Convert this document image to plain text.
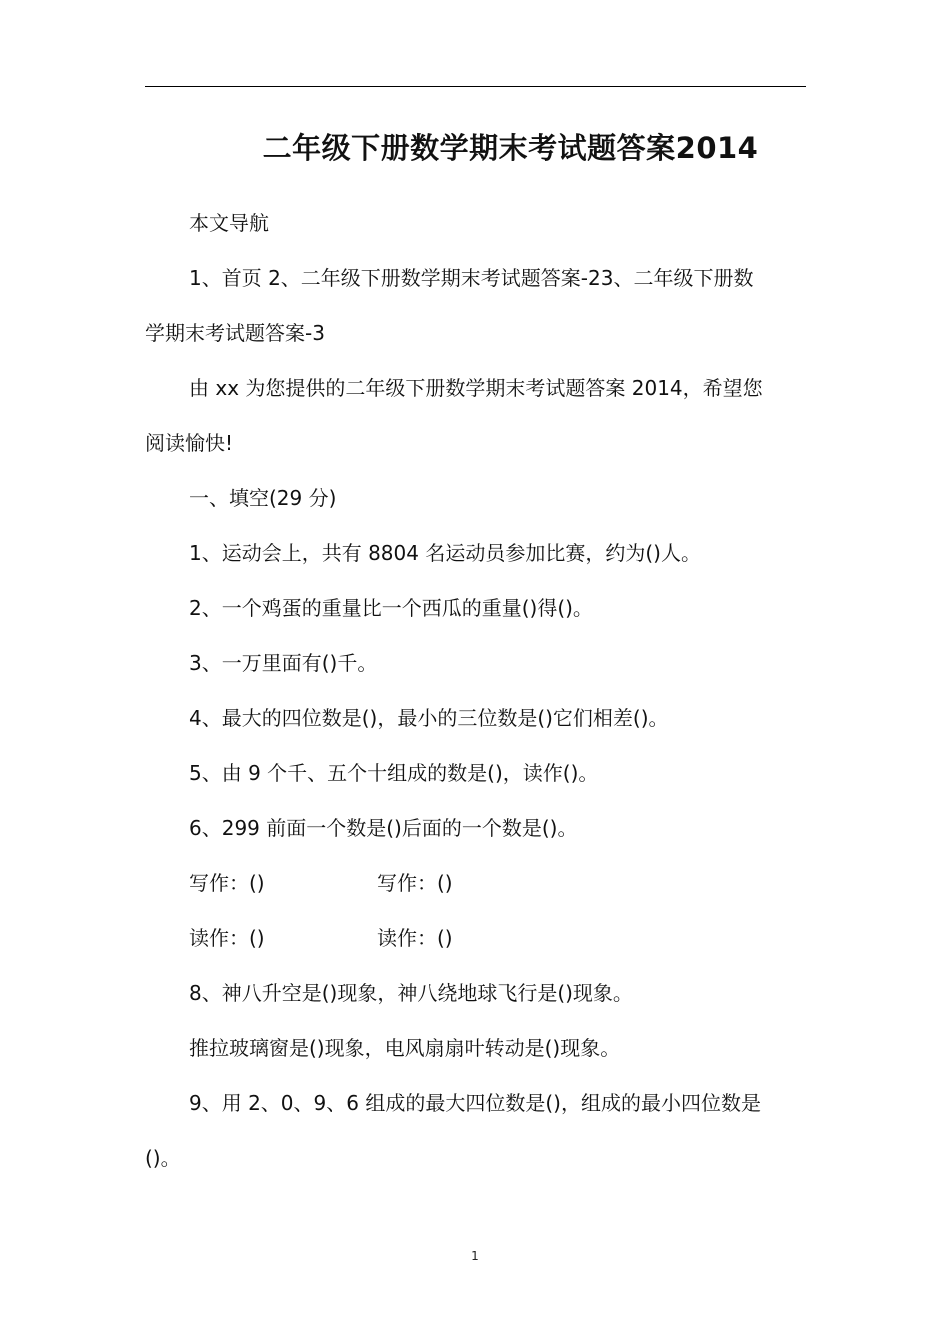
二年级下册数学期末考试题答案2014

本文导航

1、首页 2、二年级下册数学期末考试题答案-23、二年级下册数

学期末考试题答案-3

由 xx 为您提供的二年级下册数学期末考试题答案 2014，希望您

阅读愉快!

一、填空(29 分)

1、运动会上，共有 8804 名运动员参加比赛，约为()人。

2、一个鸡蛋的重量比一个西瓜的重量()得()。

3、一万里面有()千。

4、最大的四位数是()，最小的三位数是()它们相差()。

5、由 9 个千、五个十组成的数是()，读作()。

6、299 前面一个数是()后面的一个数是()。

写作：()	写作：()
读作：()	读作：()

8、神八升空是()现象，神八绕地球飞行是()现象。

推拉玻璃窗是()现象，电风扇扇叶转动是()现象。

9、用 2、0、9、6 组成的最大四位数是()，组成的最小四位数是

()。

1
